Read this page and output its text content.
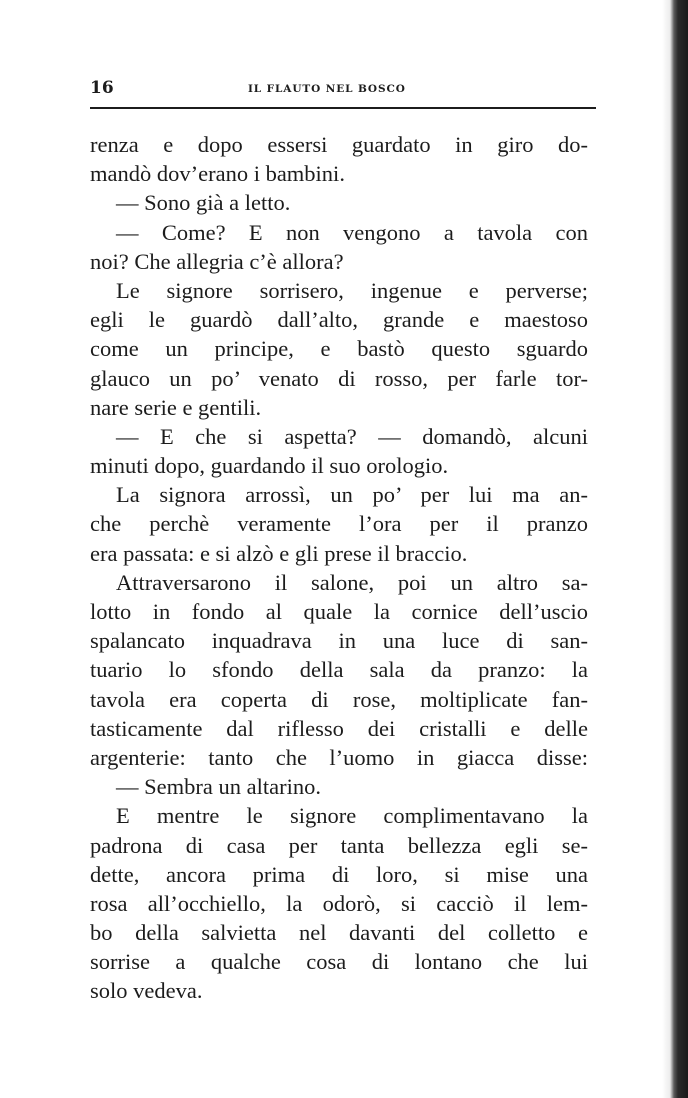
16	IL FLAUTO NEL BOSCO
renza e dopo essersi guardato in giro do-
mandò dov’erano i bambini.
— Sono già a letto.
— Come? E non vengono a tavola con
noi? Che allegria c’è allora?
Le signore sorrisero, ingenue e perverse;
egli le guardò dall’alto, grande e maestoso
come un principe, e bastò questo sguardo
glauco un po’ venato di rosso, per farle tor-
nare serie e gentili.
— E che si aspetta? — domandò, alcuni
minuti dopo, guardando il suo orologio.
La signora arrossì, un po’ per lui ma an-
che perchè veramente l’ora per il pranzo
era passata: e si alzò e gli prese il braccio.
Attraversarono il salone, poi un altro sa-
lotto in fondo al quale la cornice dell’uscio
spalancato inquadrava in una luce di san-
tuario lo sfondo della sala da pranzo: la
tavola era coperta di rose, moltiplicate fan-
tasticamente dal riflesso dei cristalli e delle
argenterie: tanto che l’uomo in giacca disse:
— Sembra un altarino.
E mentre le signore complimentavano la
padrona di casa per tanta bellezza egli se-
dette, ancora prima di loro, si mise una
rosa all’occhiello, la odorò, si cacciò il lem-
bo della salvietta nel davanti del colletto e
sorrise a qualche cosa di lontano che lui
solo vedeva.
